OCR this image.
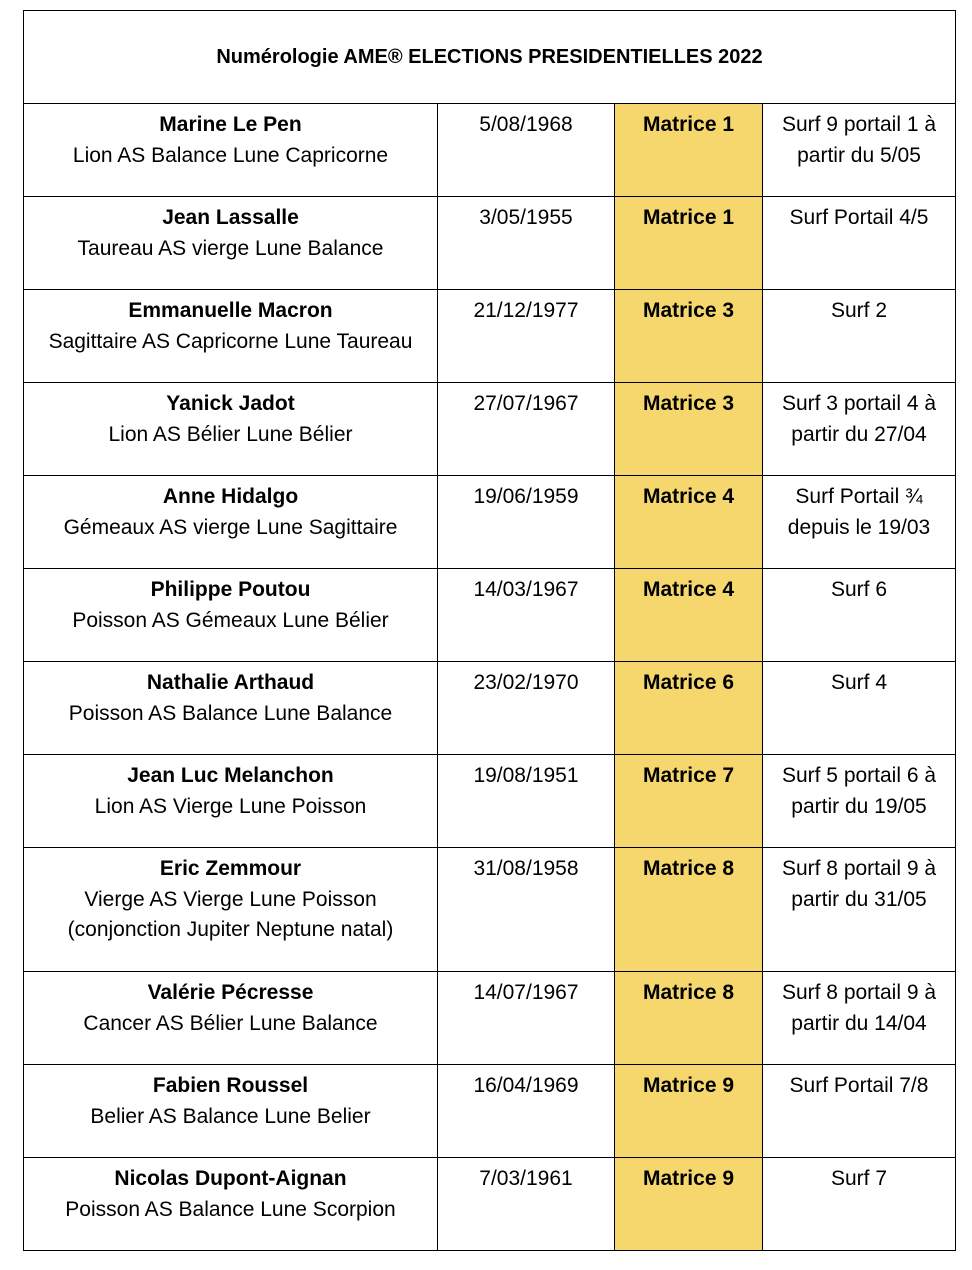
Numérologie AME® ELECTIONS PRESIDENTIELLES 2022			

Marine Le Pen
Lion AS Balance Lune Capricorne	5/08/1968	Matrice 1	Surf 9 portail 1 à partir du 5/05

Jean Lassalle
Taureau AS vierge Lune Balance	3/05/1955	Matrice 1	Surf Portail 4/5

Emmanuelle Macron
Sagittaire AS Capricorne Lune Taureau	21/12/1977	Matrice 3	Surf 2

Yanick Jadot
Lion AS Bélier Lune Bélier	27/07/1967	Matrice 3	Surf 3 portail 4 à partir du 27/04

Anne Hidalgo
Gémeaux AS vierge Lune Sagittaire	19/06/1959	Matrice 4	Surf Portail ¾ depuis le 19/03

Philippe Poutou
Poisson AS Gémeaux Lune Bélier	14/03/1967	Matrice 4	Surf 6

Nathalie Arthaud
Poisson AS Balance Lune Balance	23/02/1970	Matrice 6	Surf 4

Jean Luc Melanchon
Lion AS Vierge Lune Poisson	19/08/1951	Matrice 7	Surf 5 portail 6 à partir du 19/05

Eric Zemmour
Vierge AS Vierge Lune Poisson
(conjonction Jupiter Neptune natal)	31/08/1958	Matrice 8	Surf 8 portail 9 à partir du 31/05

Valérie Pécresse
Cancer AS Bélier Lune Balance	14/07/1967	Matrice 8	Surf 8 portail 9 à partir du 14/04

Fabien Roussel
Belier AS Balance Lune Belier	16/04/1969	Matrice 9	Surf Portail 7/8

Nicolas Dupont-Aignan
Poisson AS Balance Lune Scorpion	7/03/1961	Matrice 9	Surf 7
